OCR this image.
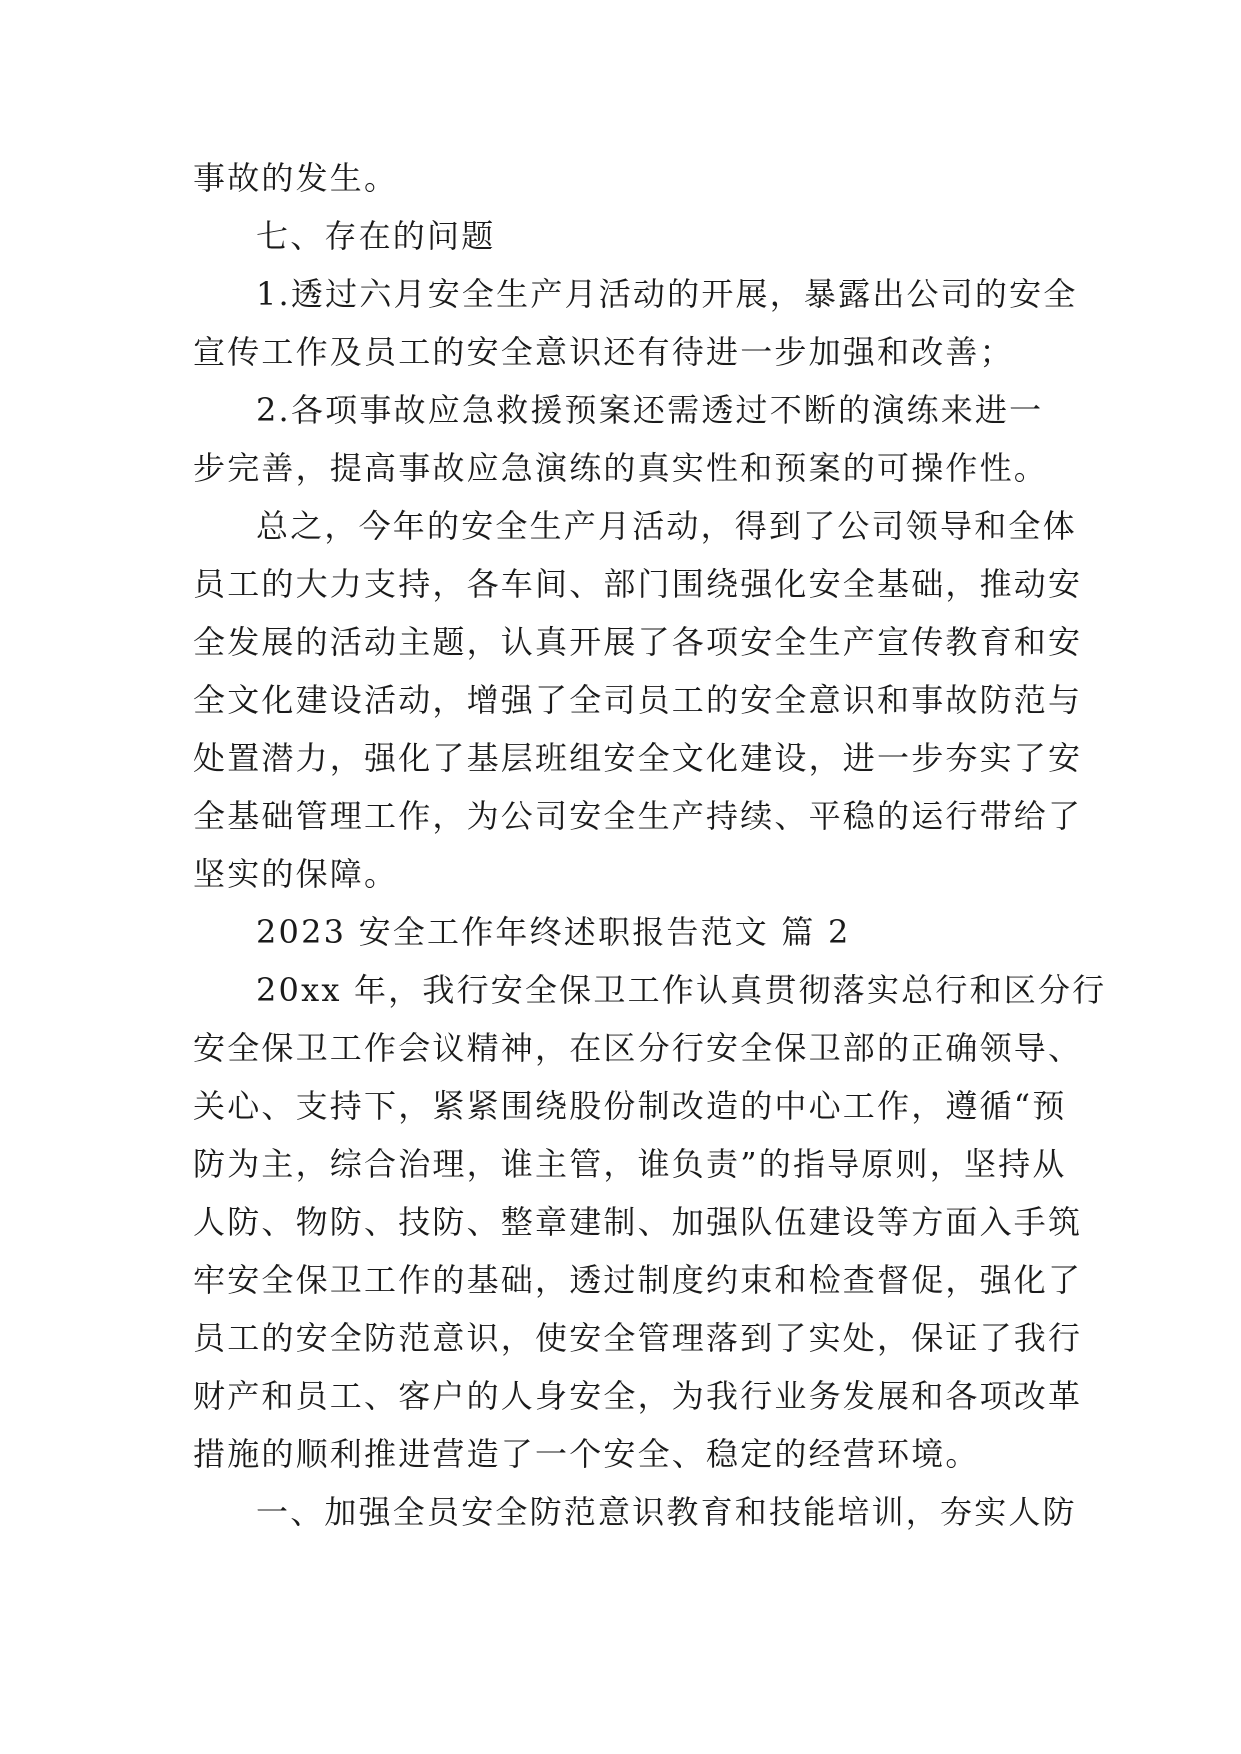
事故的发生。
七、存在的问题
1.透过六月安全生产月活动的开展，暴露出公司的安全
宣传工作及员工的安全意识还有待进一步加强和改善；
2.各项事故应急救援预案还需透过不断的演练来进一
步完善，提高事故应急演练的真实性和预案的可操作性。
总之，今年的安全生产月活动，得到了公司领导和全体
员工的大力支持，各车间、部门围绕强化安全基础，推动安
全发展的活动主题，认真开展了各项安全生产宣传教育和安
全文化建设活动，增强了全司员工的安全意识和事故防范与
处置潜力，强化了基层班组安全文化建设，进一步夯实了安
全基础管理工作，为公司安全生产持续、平稳的运行带给了
坚实的保障。
2023 安全工作年终述职报告范文 篇 2
20xx 年，我行安全保卫工作认真贯彻落实总行和区分行
安全保卫工作会议精神，在区分行安全保卫部的正确领导、
关心、支持下，紧紧围绕股份制改造的中心工作，遵循“预
防为主，综合治理，谁主管，谁负责”的指导原则，坚持从
人防、物防、技防、整章建制、加强队伍建设等方面入手筑
牢安全保卫工作的基础，透过制度约束和检查督促，强化了
员工的安全防范意识，使安全管理落到了实处，保证了我行
财产和员工、客户的人身安全，为我行业务发展和各项改革
措施的顺利推进营造了一个安全、稳定的经营环境。
一、加强全员安全防范意识教育和技能培训，夯实人防
